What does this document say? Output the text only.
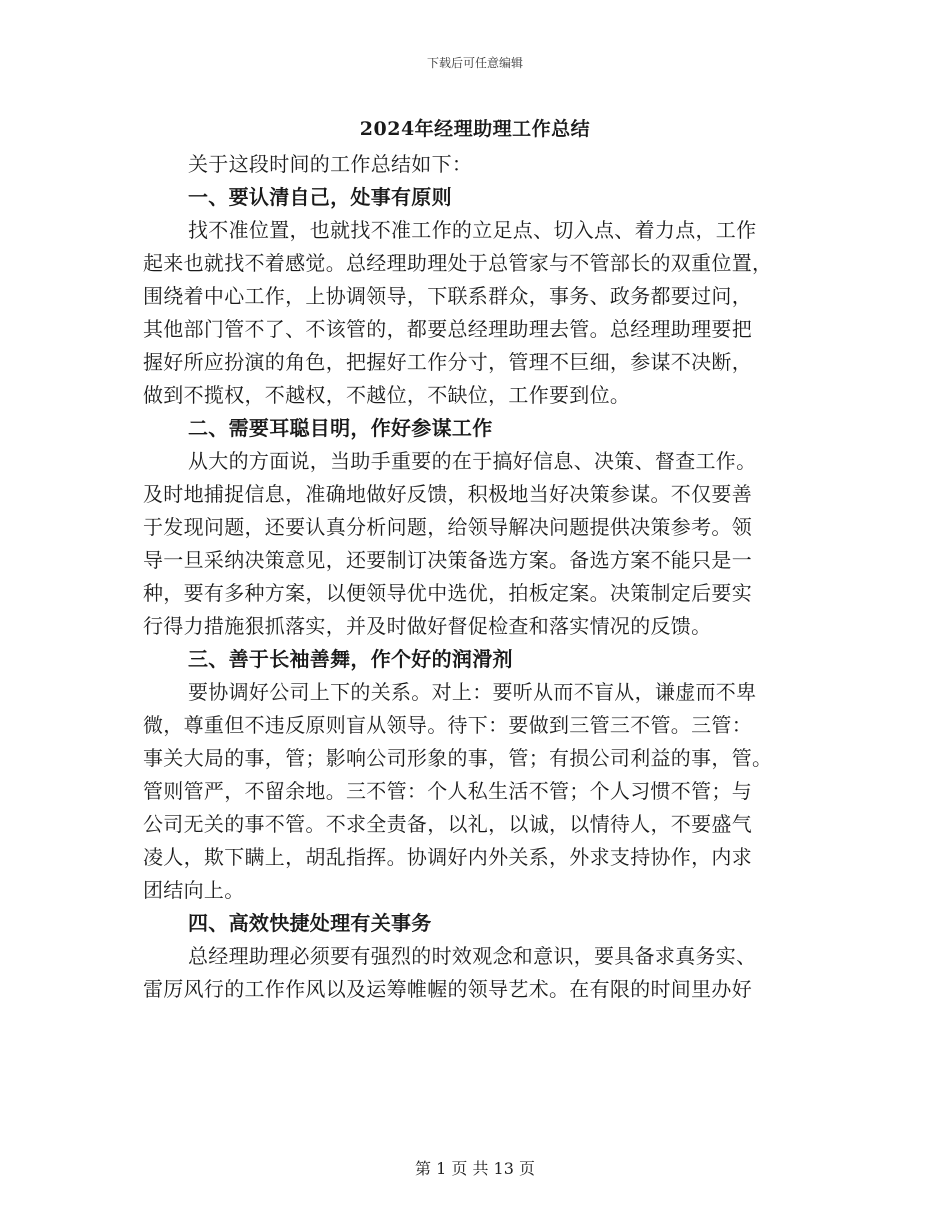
下载后可任意编辑
2024年经理助理工作总结
关于这段时间的工作总结如下：
一、要认清自己，处事有原则
找不准位置，也就找不准工作的立足点、切入点、着力点，工作
起来也就找不着感觉。总经理助理处于总管家与不管部长的双重位置，
围绕着中心工作，上协调领导，下联系群众，事务、政务都要过问，
其他部门管不了、不该管的，都要总经理助理去管。总经理助理要把
握好所应扮演的角色，把握好工作分寸，管理不巨细，参谋不决断，
做到不揽权，不越权，不越位，不缺位，工作要到位。
二、需要耳聪目明，作好参谋工作
从大的方面说，当助手重要的在于搞好信息、决策、督查工作。
及时地捕捉信息，准确地做好反馈，积极地当好决策参谋。不仅要善
于发现问题，还要认真分析问题，给领导解决问题提供决策参考。领
导一旦采纳决策意见，还要制订决策备选方案。备选方案不能只是一
种，要有多种方案，以便领导优中选优，拍板定案。决策制定后要实
行得力措施狠抓落实，并及时做好督促检查和落实情况的反馈。
三、善于长袖善舞，作个好的润滑剂
要协调好公司上下的关系。对上：要听从而不盲从，谦虚而不卑
微，尊重但不违反原则盲从领导。待下：要做到三管三不管。三管：
事关大局的事，管；影响公司形象的事，管；有损公司利益的事，管。
管则管严，不留余地。三不管：个人私生活不管；个人习惯不管；与
公司无关的事不管。不求全责备，以礼，以诚，以情待人，不要盛气
凌人，欺下瞒上，胡乱指挥。协调好内外关系，外求支持协作，内求
团结向上。
四、高效快捷处理有关事务
总经理助理必须要有强烈的时效观念和意识，要具备求真务实、
雷厉风行的工作作风以及运筹帷幄的领导艺术。在有限的时间里办好
第 1 页 共 13 页
